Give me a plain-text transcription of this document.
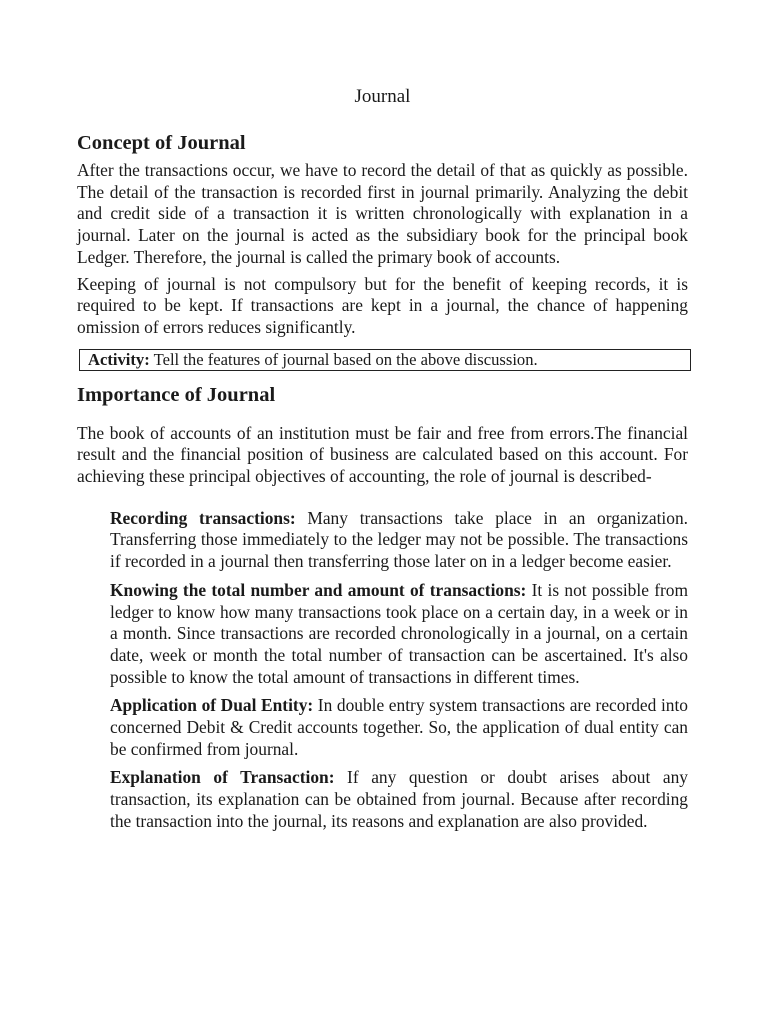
Journal
Concept of Journal

After the transactions occur, we have to record the detail of that as quickly as possible. The detail of the transaction is recorded first in journal primarily. Analyzing the debit and credit side of a transaction it is written chronologically with explanation in a journal. Later on the journal is acted as the subsidiary book for the principal book Ledger. Therefore, the journal is called the primary book of accounts.

Keeping of journal is not compulsory but for the benefit of keeping records, it is required to be kept. If transactions are kept in a journal, the chance of happening omission of errors reduces significantly.

Activity: Tell the features of journal based on the above discussion.
Importance of Journal

The book of accounts of an institution must be fair and free from errors.The financial result and the financial position of business are calculated based on this account. For achieving these principal objectives of accounting, the role of journal is described-

Recording transactions: Many transactions take place in an organization. Transferring those immediately to the ledger may not be possible. The transactions if recorded in a journal then transferring those later on in a ledger become easier.
Knowing the total number and amount of transactions: It is not possible from ledger to know how many transactions took place on a certain day, in a week or in a month. Since transactions are recorded chronologically in a journal, on a certain date, week or month the total number of transaction can be ascertained. It's also possible to know the total amount of transactions in different times.
Application of Dual Entity: In double entry system transactions are recorded into concerned Debit & Credit accounts together. So, the application of dual entity can be confirmed from journal.
Explanation of Transaction: If any question or doubt arises about any transaction, its explanation can be obtained from journal. Because after recording the transaction into the journal, its reasons and explanation are also provided.
